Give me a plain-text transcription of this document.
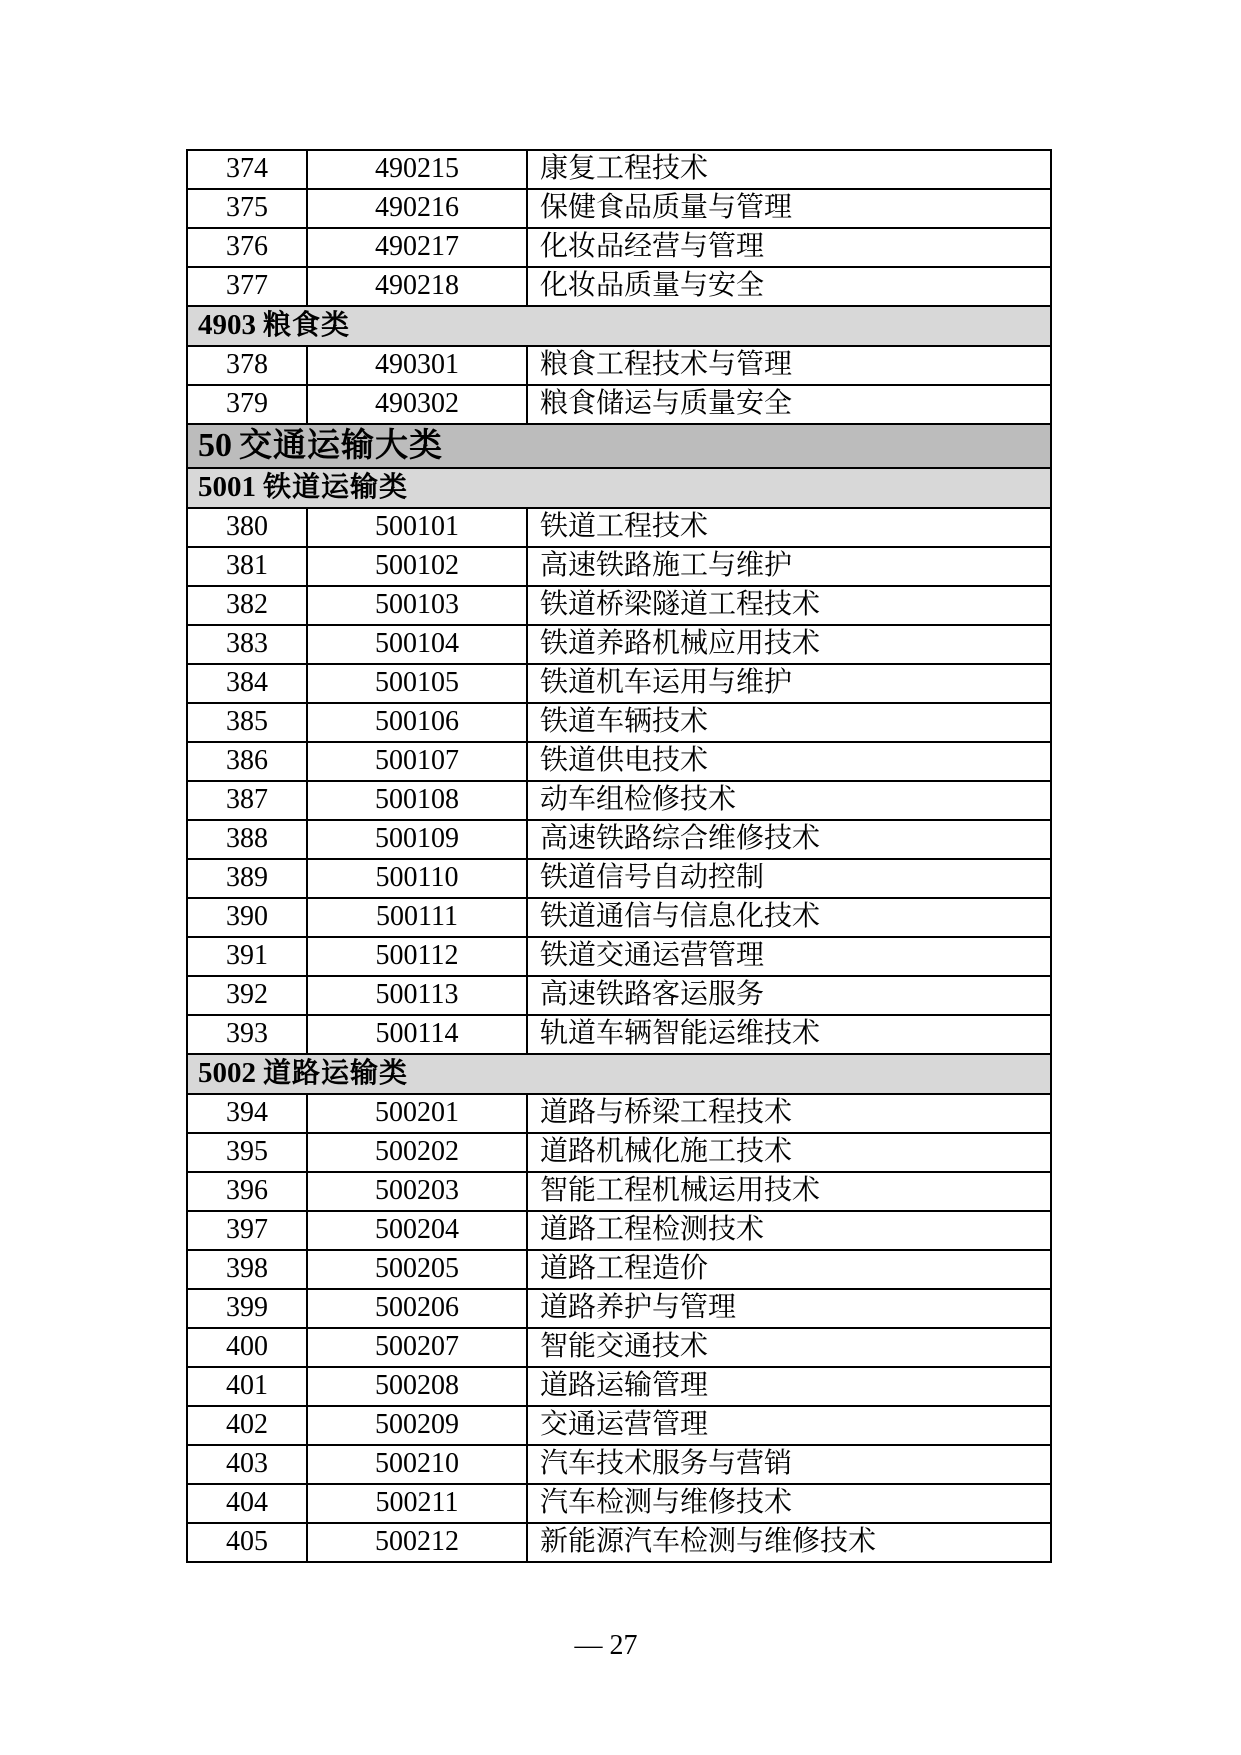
374	490215	康复工程技术
375	490216	保健食品质量与管理
376	490217	化妆品经营与管理
377	490218	化妆品质量与安全
4903 粮食类		
378	490301	粮食工程技术与管理
379	490302	粮食储运与质量安全
50 交通运输大类		
5001 铁道运输类		
380	500101	铁道工程技术
381	500102	高速铁路施工与维护
382	500103	铁道桥梁隧道工程技术
383	500104	铁道养路机械应用技术
384	500105	铁道机车运用与维护
385	500106	铁道车辆技术
386	500107	铁道供电技术
387	500108	动车组检修技术
388	500109	高速铁路综合维修技术
389	500110	铁道信号自动控制
390	500111	铁道通信与信息化技术
391	500112	铁道交通运营管理
392	500113	高速铁路客运服务
393	500114	轨道车辆智能运维技术
5002 道路运输类		
394	500201	道路与桥梁工程技术
395	500202	道路机械化施工技术
396	500203	智能工程机械运用技术
397	500204	道路工程检测技术
398	500205	道路工程造价
399	500206	道路养护与管理
400	500207	智能交通技术
401	500208	道路运输管理
402	500209	交通运营管理
403	500210	汽车技术服务与营销
404	500211	汽车检测与维修技术
405	500212	新能源汽车检测与维修技术
— 27
